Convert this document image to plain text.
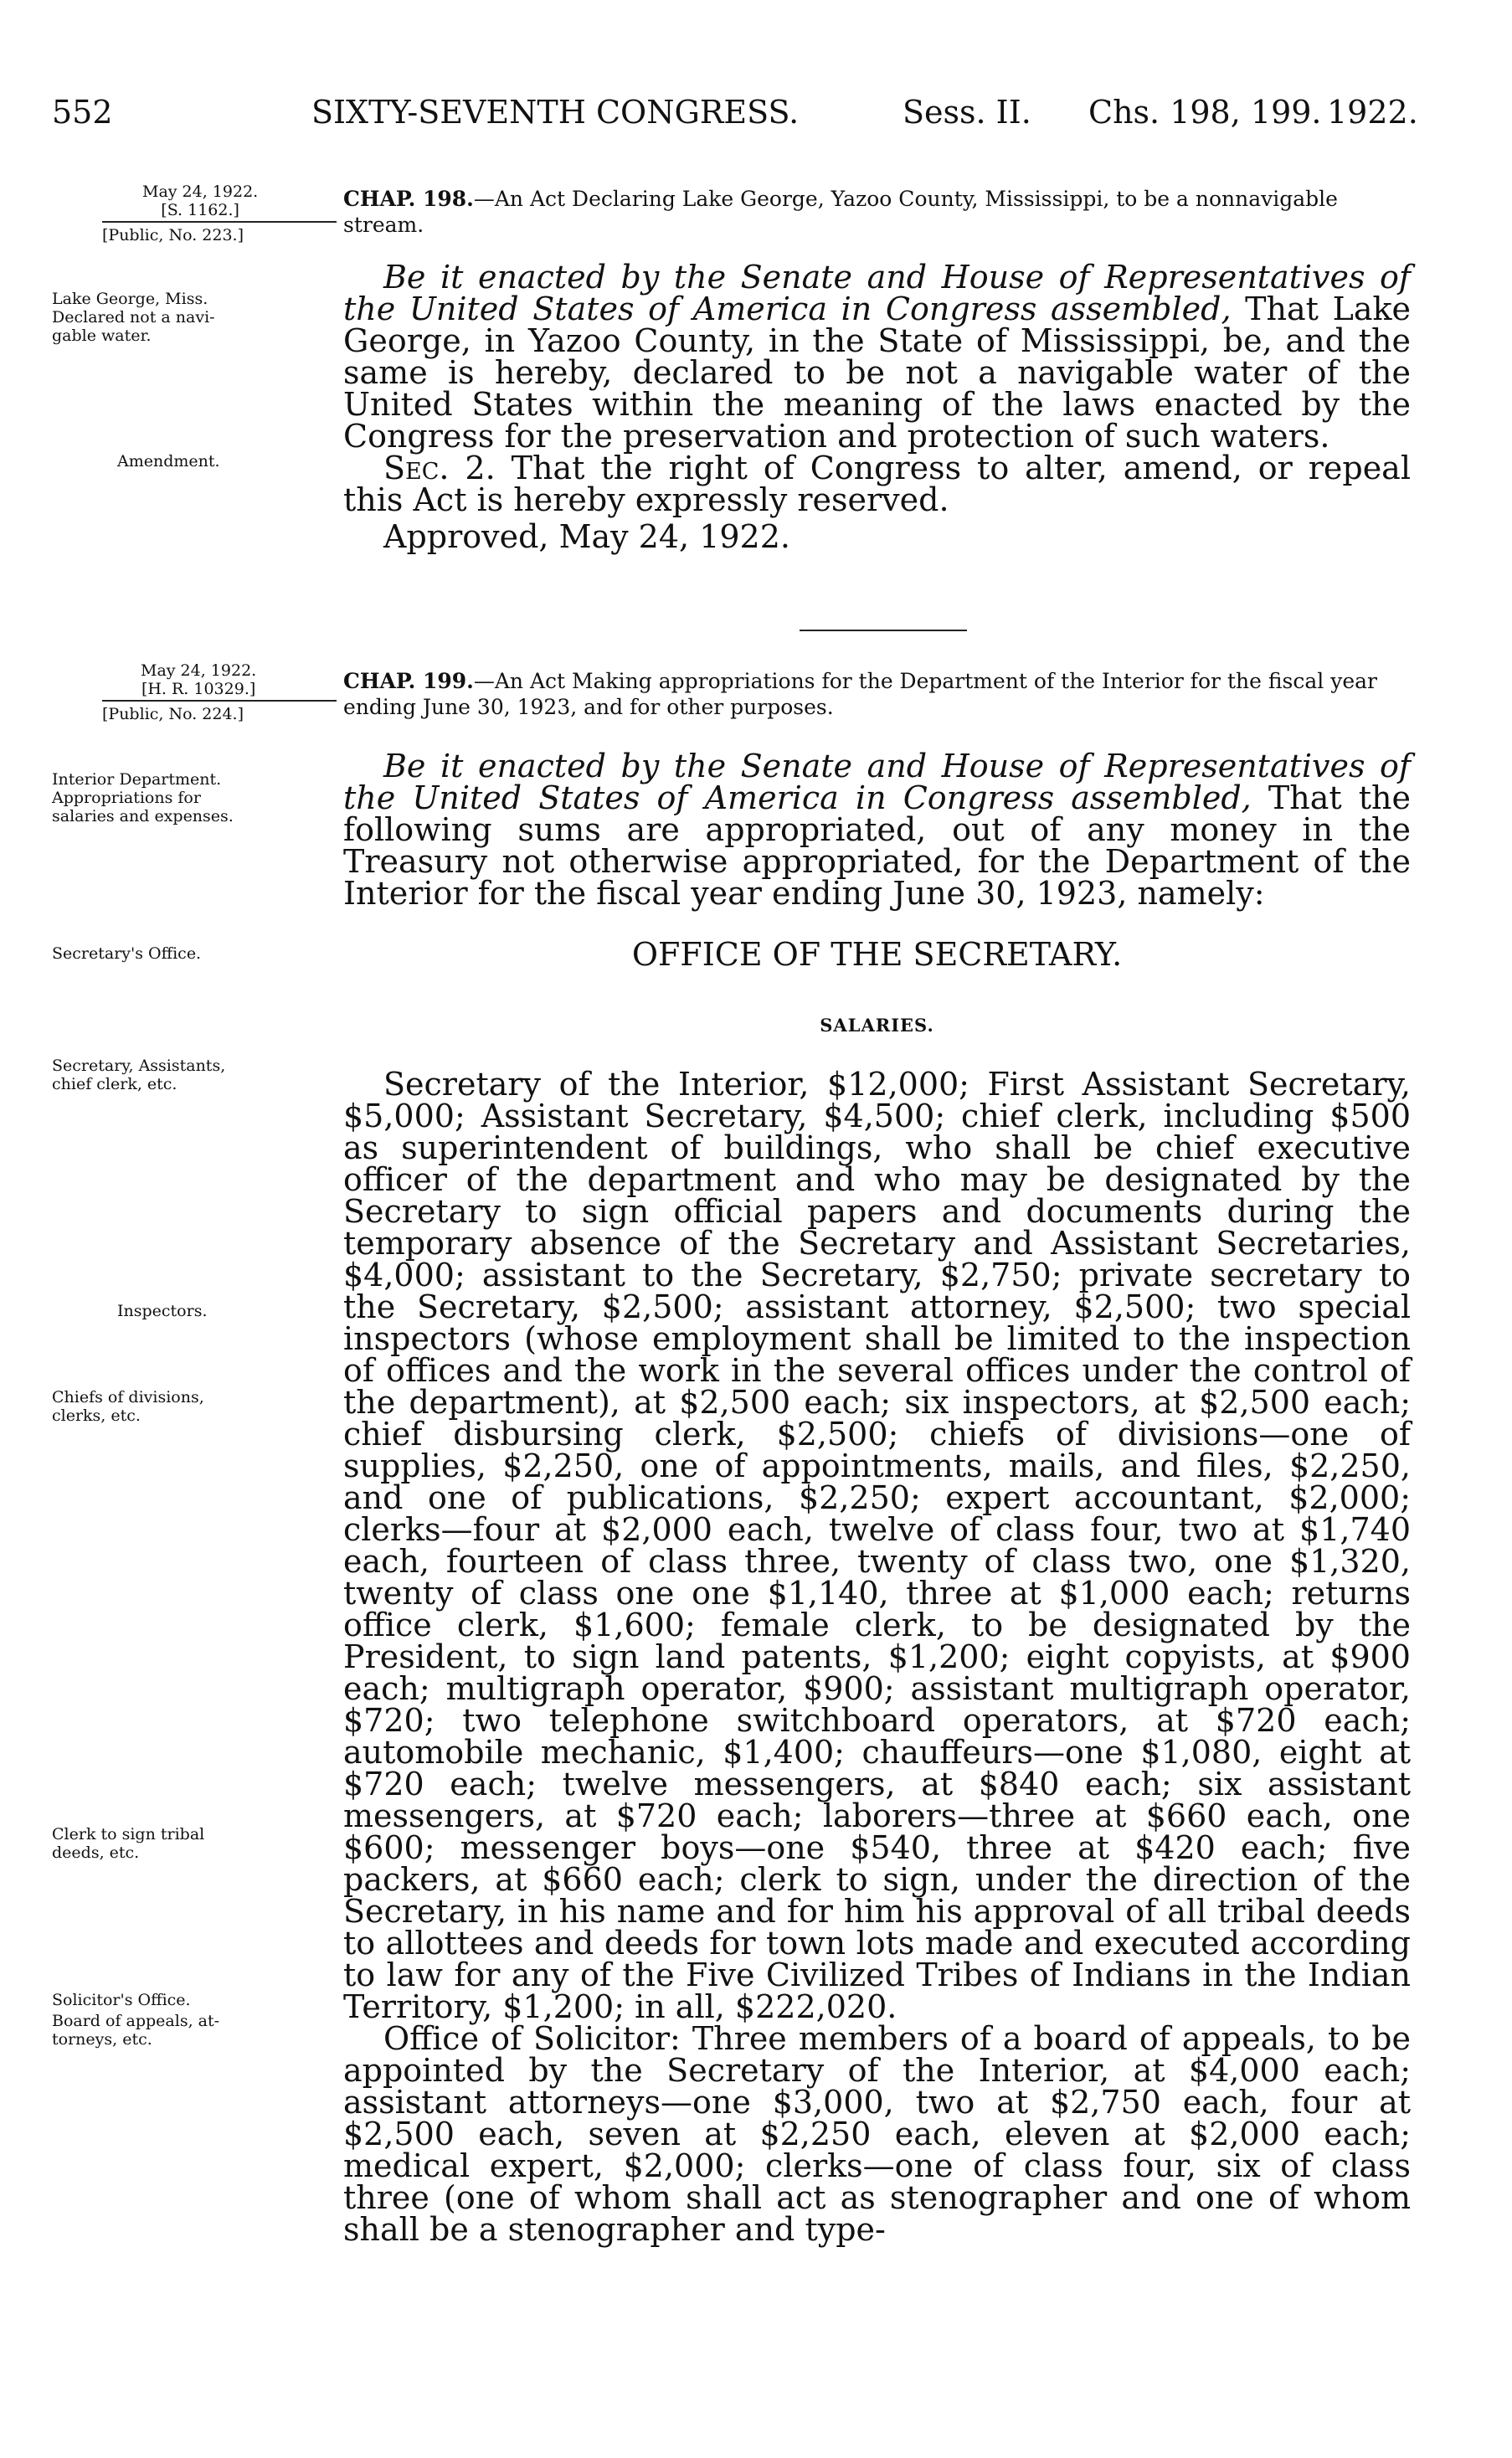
552	SIXTY-SEVENTH CONGRESS.	Sess. II. Chs. 198, 199. 1922.
May 24, 1922.
[S. 1162.]
[Public, No. 223.]
CHAP. 198.—An Act Declaring Lake George, Yazoo County, Mississippi, to be a nonnavigable stream.
Lake George, Miss.
Declared not a navi-
gable water.
Amendment.

Be it enacted by the Senate and House of Representatives of the United States of America in Congress assembled, That Lake George, in Yazoo County, in the State of Mississippi, be, and the same is hereby, declared to be not a navigable water of the United States within the meaning of the laws enacted by the Congress for the preservation and protection of such waters.

Sec. 2. That the right of Congress to alter, amend, or repeal this Act is hereby expressly reserved.

Approved, May 24, 1922.

May 24, 1922.
[H. R. 10329.]
[Public, No. 224.]
CHAP. 199.—An Act Making appropriations for the Department of the Interior for the fiscal year ending June 30, 1923, and for other purposes.
Interior Department.
Appropriations for
salaries and expenses.

Be it enacted by the Senate and House of Representatives of the United States of America in Congress assembled, That the following sums are appropriated, out of any money in the Treasury not otherwise appropriated, for the Department of the Interior for the fiscal year ending June 30, 1923, namely:

Secretary's Office.	OFFICE OF THE SECRETARY.
SALARIES.
Secretary, Assistants,
chief clerk, etc.
Inspectors.
Chiefs of divisions,
clerks, etc.
Clerk to sign tribal
deeds, etc.
Solicitor's Office.
Board of appeals, at-
torneys, etc.

Secretary of the Interior, $12,000; First Assistant Secretary, $5,000; Assistant Secretary, $4,500; chief clerk, including $500 as superintendent of buildings, who shall be chief executive officer of the department and who may be designated by the Secretary to sign official papers and documents during the temporary absence of the Secretary and Assistant Secretaries, $4,000; assistant to the Secretary, $2,750; private secretary to the Secretary, $2,500; assistant attorney, $2,500; two special inspectors (whose employment shall be limited to the inspection of offices and the work in the several offices under the control of the department), at $2,500 each; six inspectors, at $2,500 each; chief disbursing clerk, $2,500; chiefs of divisions—one of supplies, $2,250, one of appointments, mails, and files, $2,250, and one of publications, $2,250; expert accountant, $2,000; clerks—four at $2,000 each, twelve of class four, two at $1,740 each, fourteen of class three, twenty of class two, one $1,320, twenty of class one one $1,140, three at $1,000 each; returns office clerk, $1,600; female clerk, to be designated by the President, to sign land patents, $1,200; eight copyists, at $900 each; multigraph operator, $900; assistant multigraph operator, $720; two telephone switchboard operators, at $720 each; automobile mechanic, $1,400; chauffeurs—one $1,080, eight at $720 each; twelve messengers, at $840 each; six assistant messengers, at $720 each; laborers—three at $660 each, one $600; messenger boys—one $540, three at $420 each; five packers, at $660 each; clerk to sign, under the direction of the Secretary, in his name and for him his approval of all tribal deeds to allottees and deeds for town lots made and executed according to law for any of the Five Civilized Tribes of Indians in the Indian Territory, $1,200; in all, $222,020.

Office of Solicitor: Three members of a board of appeals, to be appointed by the Secretary of the Interior, at $4,000 each; assistant attorneys—one $3,000, two at $2,750 each, four at $2,500 each, seven at $2,250 each, eleven at $2,000 each; medical expert, $2,000; clerks—one of class four, six of class three (one of whom shall act as stenographer and one of whom shall be a stenographer and type-
